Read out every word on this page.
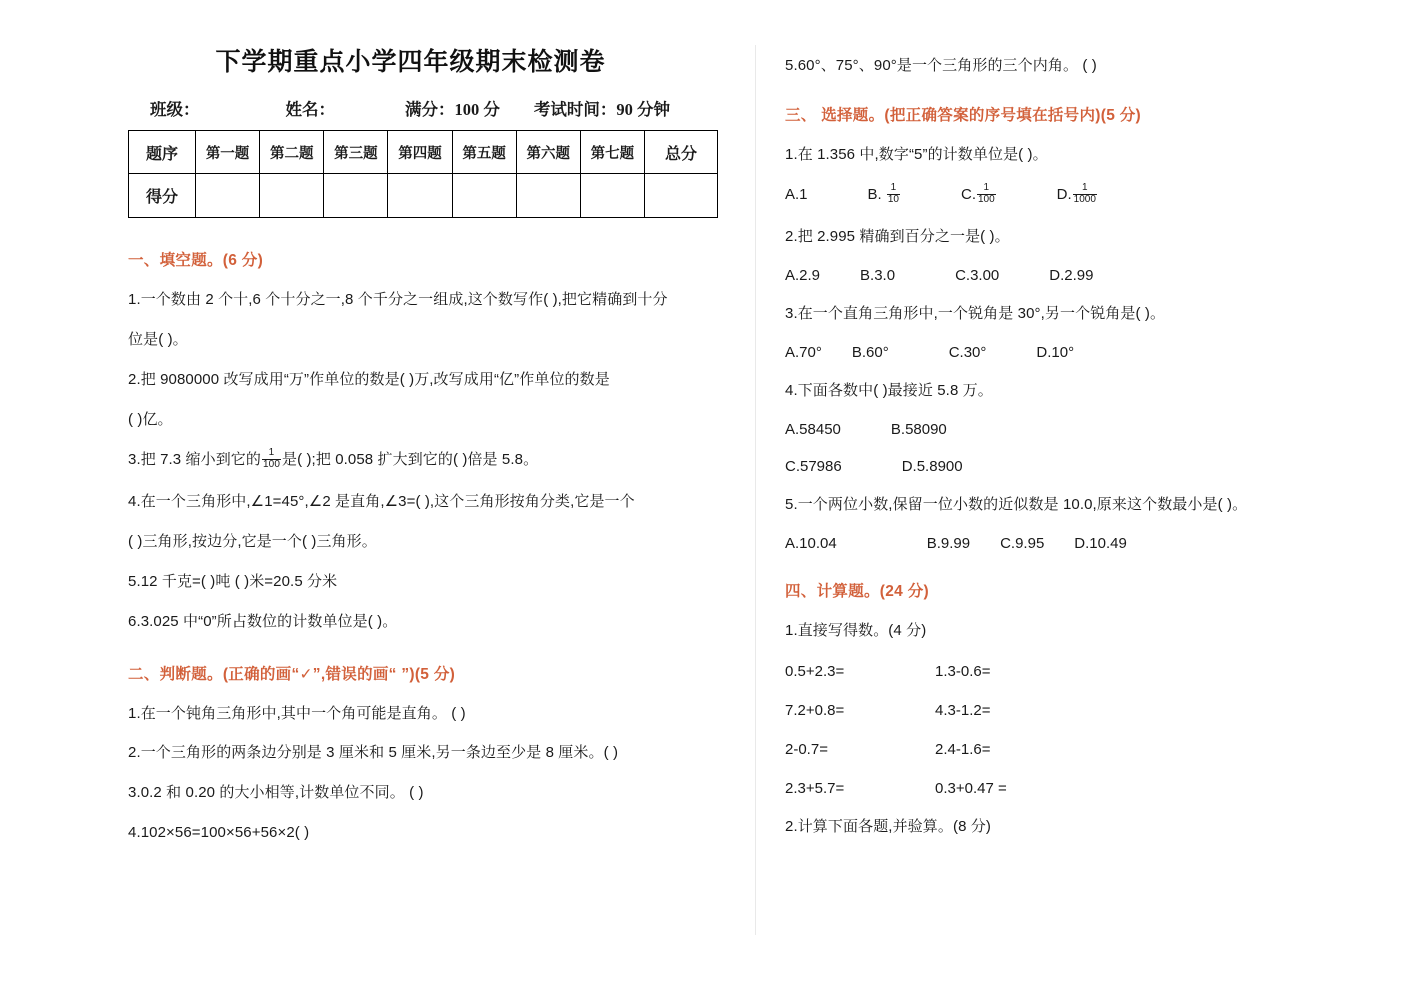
下学期重点小学四年级期末检测卷
班级：	姓名：	满分：100 分 考试时间：90 分钟
题序	第一题	第二题	第三题	第四题	第五题	第六题	第七题	总分
得分								
一、填空题。(6 分)
1.一个数由 2 个十,6 个十分之一,8 个千分之一组成,这个数写作( ),把它精确到十分
位是( )。
2.把 9080000 改写成用“万”作单位的数是( )万,改写成用“亿”作单位的数是
( )亿。
3.把 7.3 缩小到它的 $\frac{1}{100}$ 是( );把 0.058 扩大到它的( )倍是 5.8。
4.在一个三角形中,∠1=45°,∠2 是直角,∠3=( ),这个三角形按角分类,它是一个
( )三角形,按边分,它是一个( )三角形。
5.12 千克=( )吨 ( )米=20.5 分米
6.3.025 中“0”所占数位的计数单位是( )。
二、判断题。(正确的画“✓”,错误的画“ ”)(5 分)
1.在一个钝角三角形中,其中一个角可能是直角。 ( )
2.一个三角形的两条边分别是 3 厘米和 5 厘米,另一条边至少是 8 厘米。( )
3.0.2 和 0.20 的大小相等,计数单位不同。 ( )
4.102×56=100×56+56×2( )
5.60°、75°、90°是一个三角形的三个内角。 ( )
三、 选择题。(把正确答案的序号填在括号内)(5 分)
1.在 1.356 中,数字“5”的计数单位是( )。
A.1	B. $\frac{1}{10}$	C. $\frac{1}{100}$	D. $\frac{1}{1000}$
2.把 2.995 精确到百分之一是( )。
A.2.9	B.3.0	C.3.00	D.2.99
3.在一个直角三角形中,一个锐角是 30°,另一个锐角是( )。
A.70° B.60°	C.30°	D.10°
4.下面各数中( )最接近 5.8 万。
A.58450	B.58090
C.57986	D.5.8900
5.一个两位小数,保留一位小数的近似数是 10.0,原来这个数最小是( )。
A.10.04	B.9.99 C.9.95 D.10.49
四、计算题。(24 分)
1.直接写得数。(4 分)
0.5+2.3=	1.3-0.6=
7.2+0.8=	4.3-1.2=
2-0.7=	2.4-1.6=
2.3+5.7=	0.3+0.47 =
2.计算下面各题,并验算。(8 分)
